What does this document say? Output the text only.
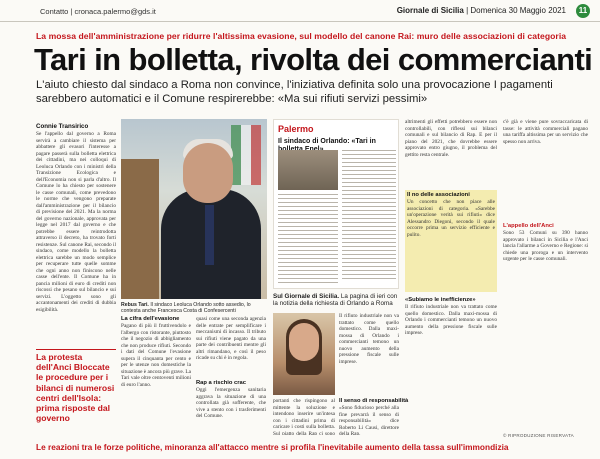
Contatto | cronaca.palermo@gds.it	Giornale di Sicilia | Domenica 30 Maggio 2021	11
La mossa dell'amministrazione per ridurre l'altissima evasione, sul modello del canone Rai: muro delle associazioni di categoria
Tari in bolletta, rivolta dei commercianti
L'aiuto chiesto dal sindaco a Roma non convince, l'iniziativa definita solo una provocazione I pagamenti sarebbero automatici e il Comune respirerebbe: «Ma sui rifiuti servizi pessimi»
Connie Transirico
Se l'appello dal governo a Roma servirà a cambiare il sistema per abbattere gli evasori l'interesse a pagare passerà sulla bolletta elettrica dei cittadini, ma nei colloqui di Leoluca Orlando con i ministri della Transizione Ecologica e dell'Economia non si parla d'altro. Il Comune lo ha chiesto per sostenere le casse comunali, come prevedono le norme che vengono preparate dall'amministrazione per il bilancio di previsione del 2021. Ma la norma del governo nazionale, approvata per legge nel 2017 dal governo e che potrebbe essere reintrodotta attraverso il decreto, ha trovato forti resistenze. Sul canone Rai, secondo il sindaco, come modello la bolletta elettrica sarebbe un modo semplice per recuperare tutte quelle somme che ogni anno non finiscono nelle casse dell'ente. Il Comune ha in pancia milioni di euro di crediti non riscossi che pesano sul bilancio e sui servizi. L'oggetto sono gli accantonamenti dei crediti di dubbia esigibilità.
Rebus Tari. Il sindaco Leoluca Orlando sotto assedio, lo contesta anche Francesca Costa di Confesercenti
La cifra dell'evasione
Pagano di più il fruttivendolo e l'albergo con ristorante, piuttosto che il negozio di abbigliamento che non produce rifiuti. Secondo i dati del Comune l'evasione supera il cinquanta per cento e per le utenze non domestiche la situazione è ancora più grave. La Tari vale oltre centoventi milioni di euro l'anno.
quasi come una seconda agenzia delle entrate per semplificare i meccanismi di incasso. Il tributo sui rifiuti viene pagato da una parte dei contribuenti mentre gli altri rimandano, e così il peso ricade su chi è in regola.
Rap a rischio crac
Oggi l'emergenza sanitaria aggrava la situazione di una controllata già sofferente, che vive a stento con i trasferimenti del Comune.
Palermo
Il sindaco di Orlando: «Tari in
Sul Giornale di Sicilia. La pagina di ieri con la notizia della richiesta di Orlando a Roma
portanti che rispingono al mittente la soluzione e intendono inserire un'intesa con i cittadini prima di caricare i costi sulla bolletta. Sul piatto della Rap ci sono
Il senso di responsabilità
«Sono fiducioso perché alla fine prevarrà il senso di responsabilità» dice Roberto Li Causi, direttore della Rap.
Il rifiuto industriale non va trattato come quello domestico. Dalla maxi-mossa di Orlando i commercianti temono un nuovo aumento della pressione fiscale sulle imprese.
altrimenti gli effetti potrebbero essere non controllabili, con riflessi sui bilanci comunali e sul bilancio di Rap. E per il piano del 2021, che dovrebbe essere approvato entro giugno, il problema del gettito resta centrale.
Il no delle associazioni
Un concetto che non piace alle associazioni di categoria. «Sarebbe un'operazione verità sui rifiuti» dice Alessandro Diegoni, secondo il quale occorre prima un servizio efficiente e pulito.
«Subiamo le inefficienze»
Il rifiuto industriale non va trattato come quello domestico. Dalla maxi-mossa di Orlando i commercianti temono un nuovo aumento della pressione fiscale sulle imprese.
c'è già e viene pure sovraccaricata di tasse: le attività commerciali pagano una tariffa altissima per un servizio che spesso non arriva.
L'appello dell'Anci
Sono 53 Comuni su 390 hanno approvato i bilanci in Sicilia e l'Anci lancia l'allarme a Governo e Regione: si chiede una proroga e un intervento urgente per le casse comunali.
© RIPRODUZIONE RISERVATA
La protesta dell'Anci Bloccate le procedure per i bilanci di numerosi centri dell'Isola: prima risposte dal governo
Le reazioni tra le forze politiche, minoranza all'attacco mentre si profila l'inevitabile aumento della tassa sull'immondizia
